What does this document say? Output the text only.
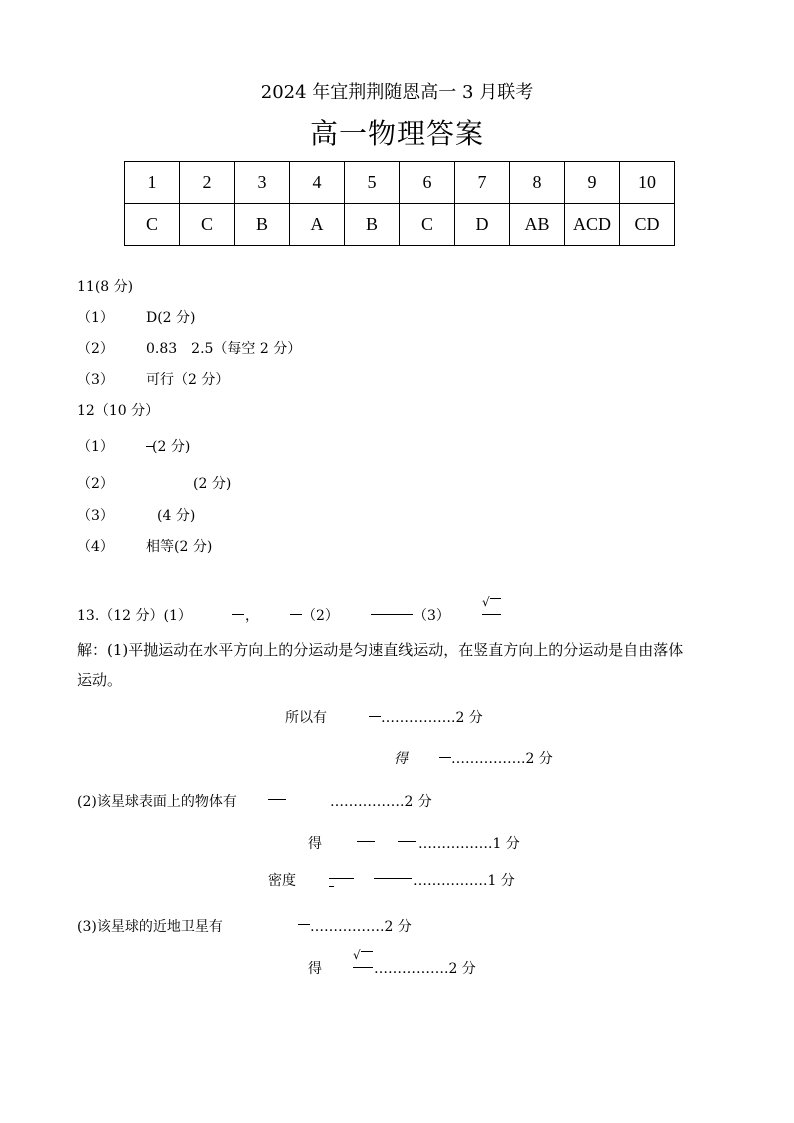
2024 年宜荆荆随恩高一 3 月联考
高一物理答案
1	2	3	4	5	6	7	8	9	10
C	C	B	A	B	C	D	AB	ACD	CD
11(8 分)
（1） D(2 分)
（2） 0.83　2.5（每空 2 分）
（3） 可行（2 分）
12（10 分）
（1）	(2 分)
（2）	(2 分)
（3）	(4 分)
（4） 相等(2 分)
13.（12 分）(1）	，	（2）	（3）
√
解：(1)平抛运动在水平方向上的分运动是匀速直线运动，在竖直方向上的分运动是自由落体
运动。
所以有	…………….2 分
得	…………….2 分
(2)该星球表面上的物体有	…………….2 分
得	…………….1 分
密度	…………….1 分
(3)该星球的近地卫星有	…………….2 分
得
√
…………….2 分
